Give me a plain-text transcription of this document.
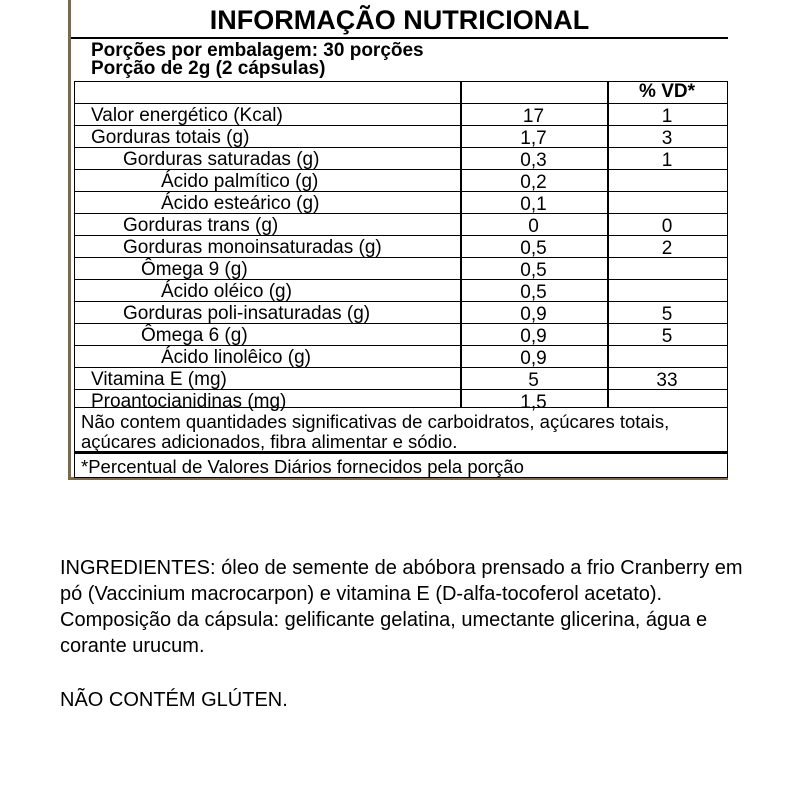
INFORMAÇÃO NUTRICIONAL
Porções por embalagem: 30 porções
Porção de 2g (2 cápsulas)
% VD*
Valor energético (Kcal)	17	1
Gorduras totais (g)	1,7	3
Gorduras saturadas (g)	0,3	1
Ácido palmítico (g)	0,2
Ácido esteárico (g)	0,1
Gorduras trans (g)	0	0
Gorduras monoinsaturadas (g)	0,5	2
Ômega 9 (g)	0,5
Ácido oléico (g)	0,5
Gorduras poli-insaturadas (g)	0,9	5
Ômega 6 (g)	0,9	5
Ácido linolêico (g)	0,9
Vitamina E (mg)	5	33
Proantocianidinas (mg)	1,5
Não contem quantidades significativas de carboidratos, açúcares totais, açúcares adicionados, fibra alimentar e sódio.
*Percentual de Valores Diários fornecidos pela porção
INGREDIENTES: óleo de semente de abóbora prensado a frio Cranberry em pó (Vaccinium macrocarpon) e vitamina E (D-alfa-tocoferol acetato). Composição da cápsula: gelificante gelatina, umectante glicerina, água e corante urucum.
NÃO CONTÉM GLÚTEN.
